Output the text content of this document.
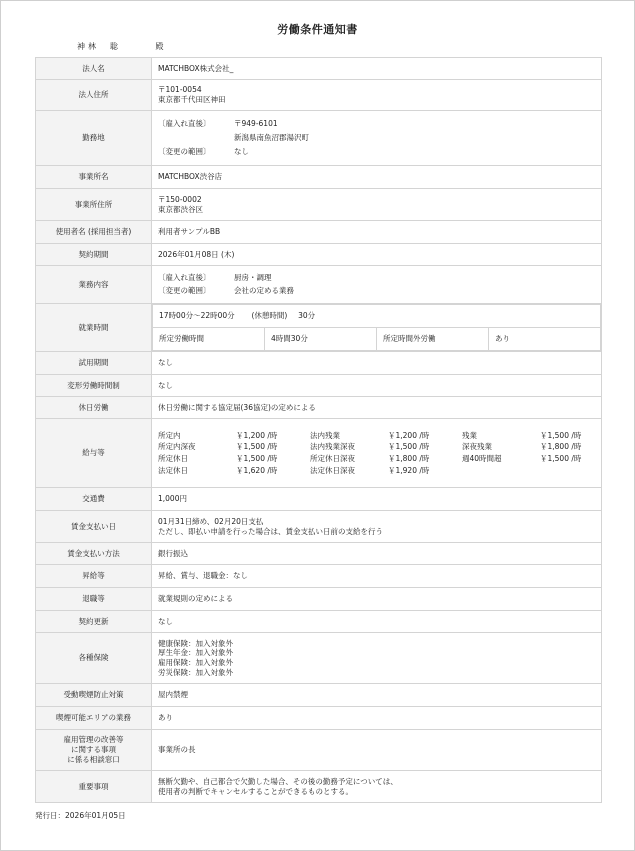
労働条件通知書
神林　聡	殿
法人名	MATCHBOX株式会社_
法人住所	
〒101-0054
東京都千代田区神田

勤務地	
〔雇入れ直後〕	〒949-6101
新潟県南魚沼郡湯沢町
〔変更の範囲〕	なし

事業所名	MATCHBOX渋谷店
事業所住所	
〒150-0002
東京都渋谷区

使用者名 (採用担当者)	利用者サンプルBB
契約期間	2026年01月08日 (木)
業務内容	
〔雇入れ直後〕	厨房・調理
〔変更の範囲〕	会社の定める業務

就業時間	
17時00分～22時00分 (休憩時間) 30分
所定労働時間	4時間30分	所定時間外労働	あり

試用期間	なし
変形労働時間制	なし
休日労働	休日労働に関する協定届(36協定)の定めによる
給与等	
所定内	￥1,200 /時	法内残業	￥1,200 /時	残業	￥1,500 /時
所定内深夜	￥1,500 /時	法内残業深夜	￥1,500 /時	深夜残業	￥1,800 /時
所定休日	￥1,500 /時	所定休日深夜	￥1,800 /時	週40時間超	￥1,500 /時
法定休日	￥1,620 /時	法定休日深夜	￥1,920 /時

交通費	1,000円
賃金支払い日	
01月31日締め、02月20日支払
ただし、即払い申請を行った場合は、賃金支払い日前の支給を行う

賃金支払い方法	銀行振込
昇給等	昇給、賞与、退職金：なし
退職等	就業規則の定めによる
契約更新	なし
各種保険	
健康保険：加入対象外
厚生年金：加入対象外
雇用保険：加入対象外
労災保険：加入対象外

受動喫煙防止対策	屋内禁煙
喫煙可能エリアの業務	あり

雇用管理の改善等
に関する事項
に係る相談窓口
	事業所の長
重要事項	
無断欠勤や、自己都合で欠勤した場合、その後の勤務予定については、
使用者の判断でキャンセルすることができるものとする。
発行日：2026年01月05日
